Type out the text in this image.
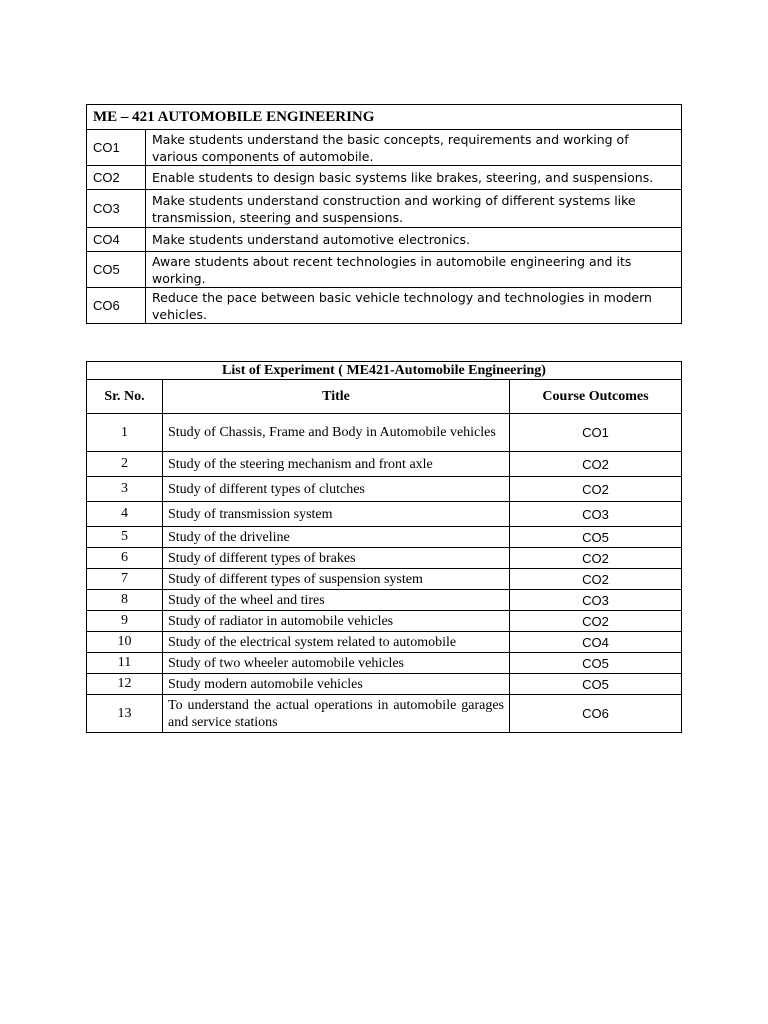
ME – 421 AUTOMOBILE ENGINEERING	
CO1	Make students understand the basic concepts, requirements and working of various components of automobile.
CO2	Enable students to design basic systems like brakes, steering, and suspensions.
CO3	Make students understand construction and working of different systems like transmission, steering and suspensions.
CO4	Make students understand automotive electronics.
CO5	Aware students about recent technologies in automobile engineering and its working.
CO6	Reduce the pace between basic vehicle technology and technologies in modern vehicles.
List of Experiment ( ME421-Automobile Engineering)		
Sr. No.	Title	Course Outcomes
1	Study of Chassis, Frame and Body in Automobile vehicles	CO1
2	Study of the steering mechanism and front axle	CO2
3	Study of different types of clutches	CO2
4	Study of transmission system	CO3
5	Study of the driveline	CO5
6	Study of different types of brakes	CO2
7	Study of different types of suspension system	CO2
8	Study of the wheel and tires	CO3
9	Study of radiator in automobile vehicles	CO2
10	Study of the electrical system related to automobile	CO4
11	Study of two wheeler automobile vehicles	CO5
12	Study modern automobile vehicles	CO5
13	To understand the actual operations in automobile garages and service stations	CO6
